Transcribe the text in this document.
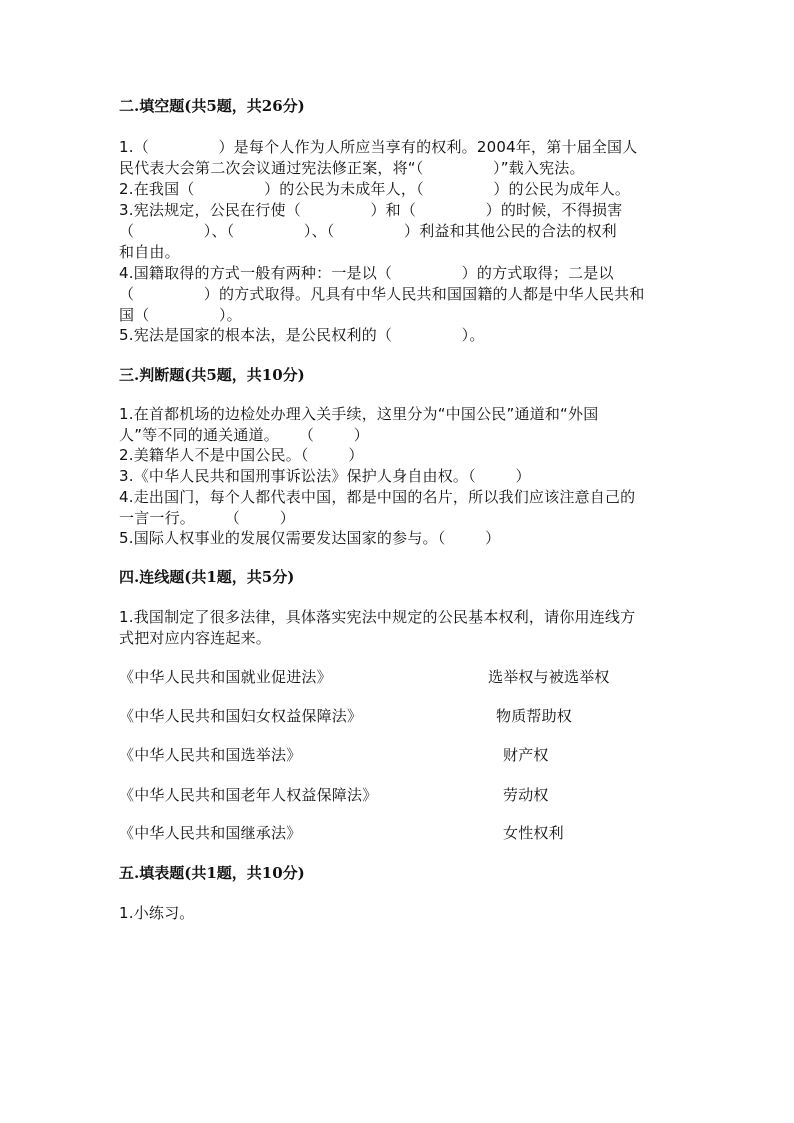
二.填空题(共5题，共26分)
1.（              ）是每个人作为人所应当享有的权利。2004年，第十届全国人
民代表大会第二次会议通过宪法修正案，将“（              ）”载入宪法。
2.在我国（              ）的公民为未成年人，（              ）的公民为成年人。
3.宪法规定，公民在行使（              ）和（              ）的时候，不得损害
（              ）、（              ）、（              ）利益和其他公民的合法的权利
和自由。
4.国籍取得的方式一般有两种：一是以（              ）的方式取得；二是以
（              ）的方式取得。凡具有中华人民共和国国籍的人都是中华人民共和
国（              ）。
5.宪法是国家的根本法，是公民权利的（              ）。
三.判断题(共5题，共10分)
1.在首都机场的边检处办理入关手续，这里分为“中国公民”通道和“外国
人”等不同的通关通道。    （        ）
2.美籍华人不是中国公民。（        ）
3.《中华人民共和国刑事诉讼法》保护人身自由权。（        ）
4.走出国门，每个人都代表中国，都是中国的名片，所以我们应该注意自己的
一言一行。      （        ）
5.国际人权事业的发展仅需要发达国家的参与。（        ）
四.连线题(共1题，共5分)
1.我国制定了很多法律，具体落实宪法中规定的公民基本权利，请你用连线方
式把对应内容连起来。
《中华人民共和国就业促进法》	选举权与被选举权
《中华人民共和国妇女权益保障法》	物质帮助权
《中华人民共和国选举法》	财产权
《中华人民共和国老年人权益保障法》	劳动权
《中华人民共和国继承法》	女性权利
五.填表题(共1题，共10分)
1.小练习。
